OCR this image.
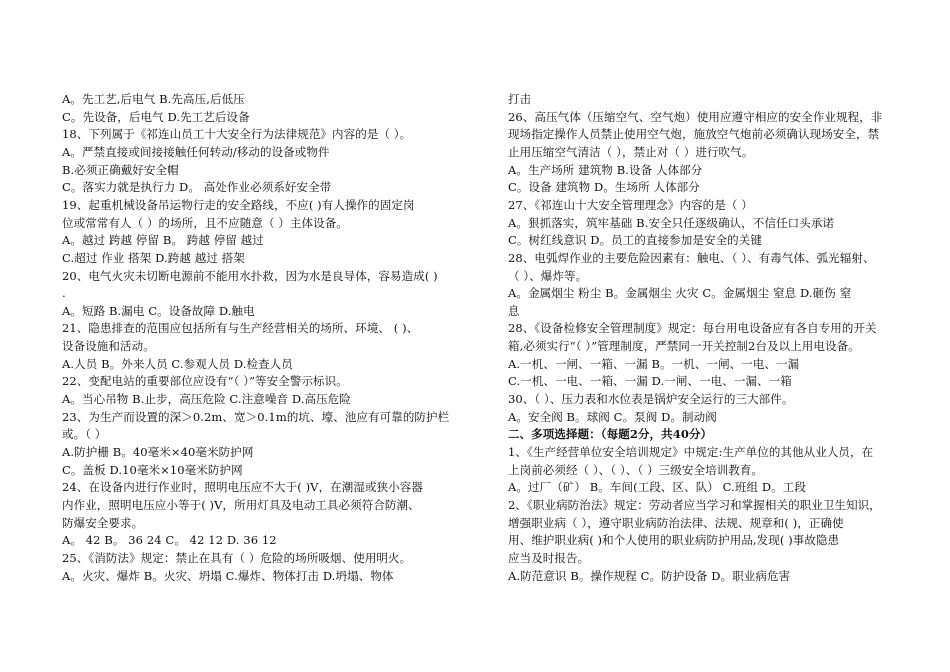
A。先工艺,后电气 B.先高压,后低压
C。先设备，后电气 D.先工艺后设备
18、下列属于《祁连山员工十大安全行为法律规范》内容的是（ ）。
A。严禁直接或间接接触任何转动/移动的设备或物件
B.必须正确戴好安全帽
C。落实力就是执行力 D。 高处作业必须系好安全带
19、起重机械设备吊运物行走的安全路线，不应( )有人操作的固定岗
位或常常有人（ ）的场所，且不应随意（ ）主体设备。
A。越过 跨越 停留 B。 跨越 停留 越过
C.超过 作业 搭架 D.跨越 越过 搭架
20、电气火灾未切断电源前不能用水扑救，因为水是良导体，容易造成( )
.
A。短路 B.漏电 C。设备故障 D.触电
21、隐患排查的范围应包括所有与生产经营相关的场所、环境、 ( )、
设备设施和活动。
A.人员 B。外来人员 C.参观人员 D.检查人员
22、变配电站的重要部位应设有“（ ）”等安全警示标识。
A。当心吊物 B.止步，高压危险 C.注意噪音 D.高压危险
23、为生产而设置的深＞0.2m、宽＞0.1m的坑、壕、池应有可靠的防护栏
或。（ ）
A.防护栅 B。40毫米×40毫米防护网
C。盖板 D.10毫米×10毫米防护网
24、在设备内进行作业时，照明电压应不大于( )V，在潮湿或狭小容器
内作业，照明电压应小等于( )V，所用灯具及电动工具必须符合防潮、
防爆安全要求。
A。 42 B。 36 24 C。 42 12 D. 36 12
25、《消防法》规定：禁止在具有（ ）危险的场所吸烟、使用明火。
A。火灾、爆炸 B。火灾、坍塌 C.爆炸、物体打击 D.坍塌、物体
打击
26、高压气体（压缩空气、空气炮）使用应遵守相应的安全作业规程，非
现场指定操作人员禁止使用空气炮，施放空气炮前必须确认现场安全，禁
止用压缩空气清洁（ ），禁止对（ ）进行吹气。
A。生产场所 建筑物 B.设备 人体部分
C。设备 建筑物 D。生场所 人体部分
27、《祁连山十大安全管理理念》内容的是（ ）
A。狠抓落实，筑牢基础 B.安全只任逐级确认，不信任口头承诺
C。树红线意识 D。员工的直接参加是安全的关键
28、电弧焊作业的主要危险因素有：触电、（ ）、有毒气体、弧光辐射、
（ ）、爆炸等。
A。金属烟尘 粉尘 B。金属烟尘 火灾 C。金属烟尘 窒息 D.砸伤 窒
息
28、《设备检修安全管理制度》规定：每台用电设备应有各自专用的开关
箱,必须实行“（ ）”管理制度，严禁同一开关控制2台及以上用电设备。
A.一机、一闸、一箱、一漏 B。一机、一闸、一电、一漏
C.一机、一电、一箱、一漏 D.一闸、一电、一漏、一箱
30、（ ）、压力表和水位表是锅炉安全运行的三大部件。
A。安全阀 B。球阀 C。泵阀 D。制动阀
二、多项选择题：（每题2分，共40分）
1、《生产经营单位安全培训规定》中规定:生产单位的其他从业人员，在
上岗前必须经（ ）、（ ）、（ ）三级安全培训教育。
A。过厂（矿） B。车间(工段、区、队） C.班组 D。工段
2、《职业病防治法》规定：劳动者应当学习和掌握相关的职业卫生知识，
增强职业病（ ），遵守职业病防治法律、法规、规章和( )，正确使
用、维护职业病( )和个人使用的职业病防护用品,发现( )事故隐患
应当及时报告。
A.防范意识 B。操作规程 C。防护设备 D。职业病危害
